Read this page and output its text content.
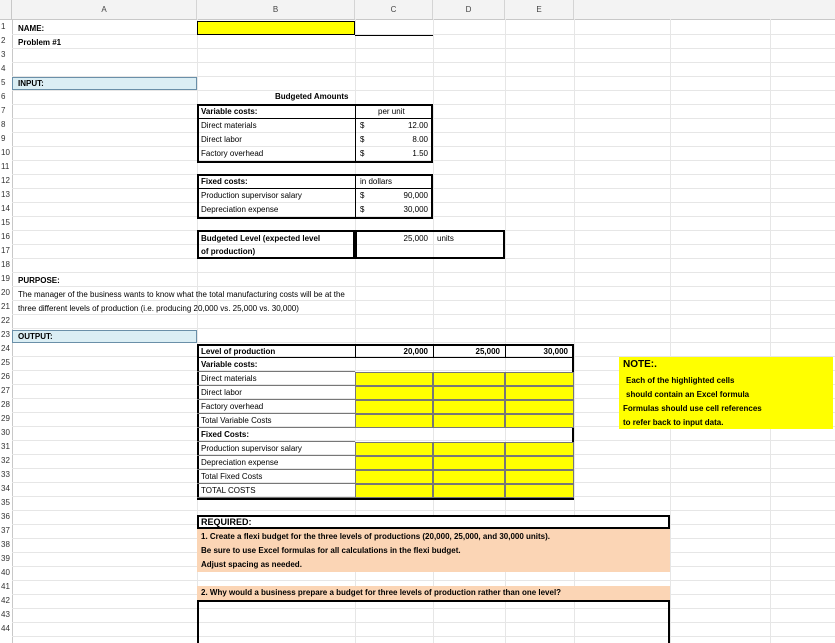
A	B	C	D	E
1
2
3
4
5
6
7
8
9
10
11
12
13
14
15
16
17
18
19
20
21
22
23
24
25
26
27
28
29
30
31
32
33
34
35
36
37
38
39
40
41
42
43
44
NAME:
Problem #1
INPUT:
Budgeted Amounts
Variable costs:	per unit
Direct materials	$	12.00
Direct labor	$	8.00
Factory overhead	$	1.50
Fixed costs:	in dollars
Production supervisor salary	$	90,000
Depreciation expense	$	30,000
Budgeted Level (expected level
of production)
25,000 units
PURPOSE:
The manager of the business wants to know what the total manufacturing costs will be at the
three different levels of production (i.e. producing 20,000 vs. 25,000 vs. 30,000)
OUTPUT:
Level of production	20,000	25,000	30,000
Variable costs:
Direct materials
Direct labor
Factory overhead
Total Variable Costs
Fixed Costs:
Production supervisor salary
Depreciation expense
Total Fixed Costs
TOTAL COSTS
NOTE:.
Each of the highlighted cells
should contain an Excel formula
Formulas should use cell references
to refer back to input data.
REQUIRED:
1. Create a flexi budget for the three levels of productions (20,000, 25,000, and 30,000 units).
Be sure to use Excel formulas for all calculations in the flexi budget.
Adjust spacing as needed.
2. Why would a business prepare a budget for three levels of production rather than one level?
